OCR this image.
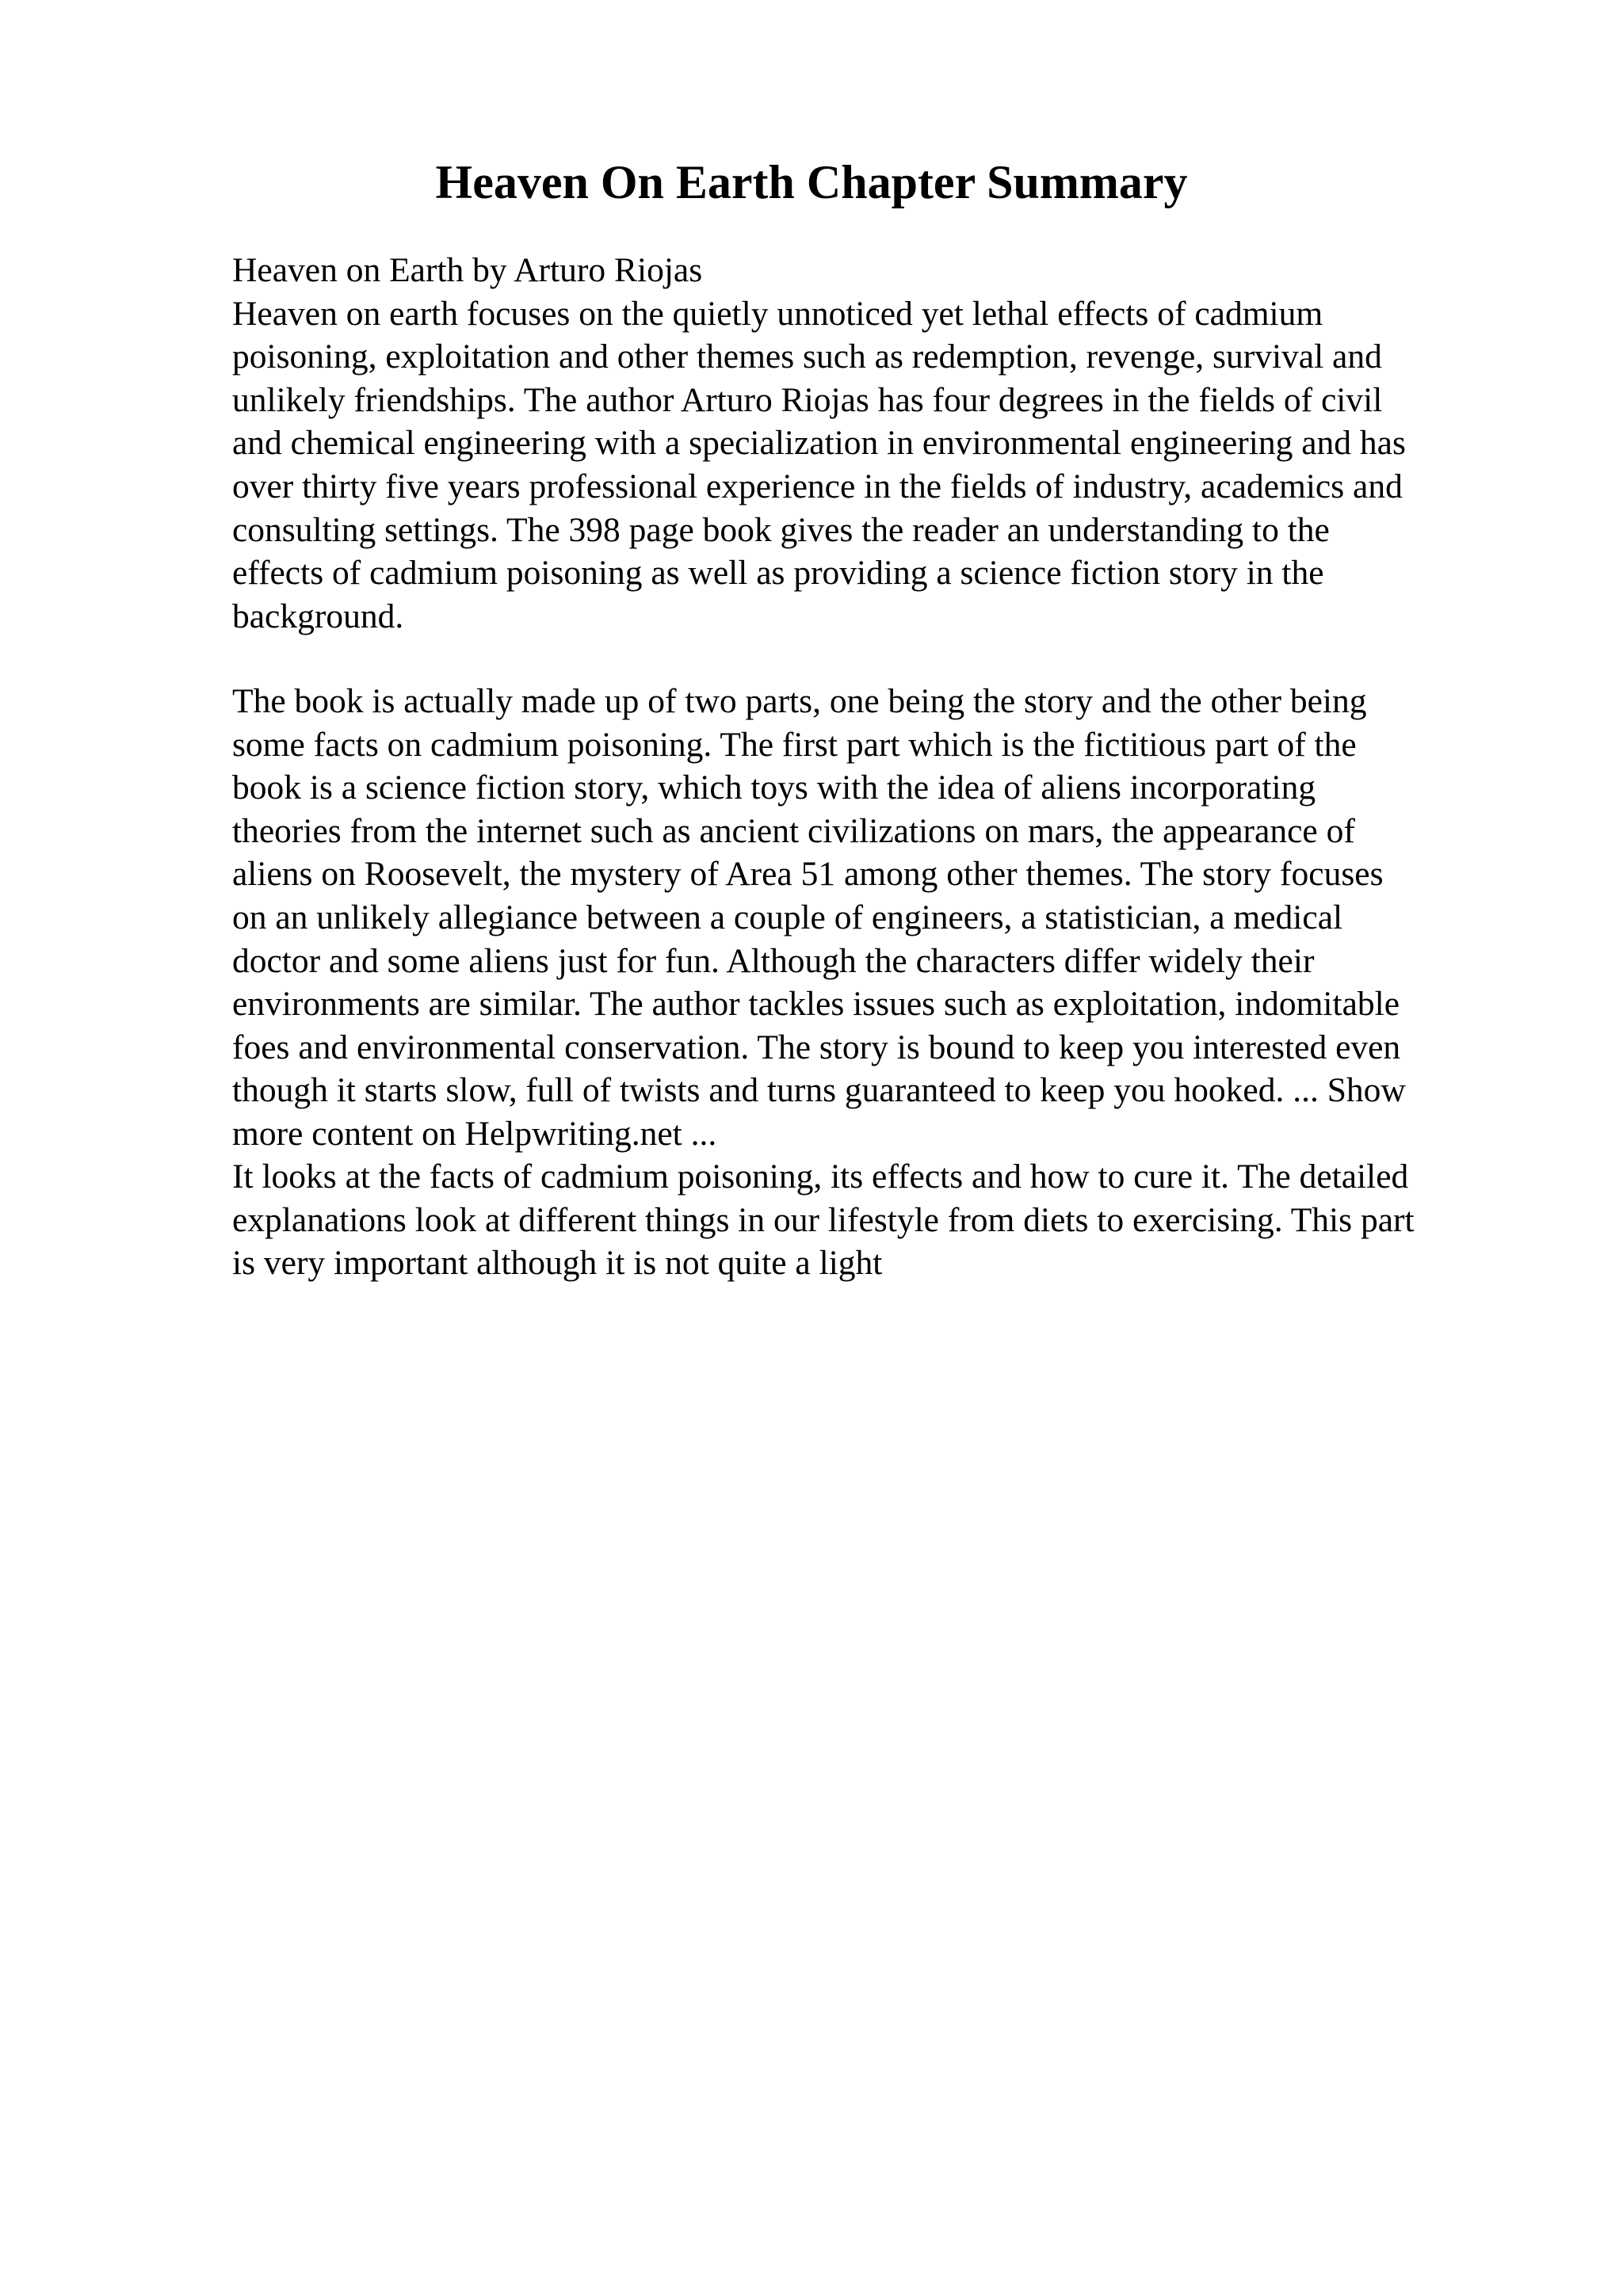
Heaven On Earth Chapter Summary

Heaven on Earth by Arturo Riojas
Heaven on earth focuses on the quietly unnoticed yet lethal effects of cadmium
poisoning, exploitation and other themes such as redemption, revenge, survival and
unlikely friendships. The author Arturo Riojas has four degrees in the fields of civil
and chemical engineering with a specialization in environmental engineering and has
over thirty five years professional experience in the fields of industry, academics and
consulting settings. The 398 page book gives the reader an understanding to the
effects of cadmium poisoning as well as providing a science fiction story in the
background.

The book is actually made up of two parts, one being the story and the other being
some facts on cadmium poisoning. The first part which is the fictitious part of the
book is a science fiction story, which toys with the idea of aliens incorporating
theories from the internet such as ancient civilizations on mars, the appearance of
aliens on Roosevelt, the mystery of Area 51 among other themes. The story focuses
on an unlikely allegiance between a couple of engineers, a statistician, a medical
doctor and some aliens just for fun. Although the characters differ widely their
environments are similar. The author tackles issues such as exploitation, indomitable
foes and environmental conservation. The story is bound to keep you interested even
though it starts slow, full of twists and turns guaranteed to keep you hooked. ... Show
more content on Helpwriting.net ...

It looks at the facts of cadmium poisoning, its effects and how to cure it. The detailed
explanations look at different things in our lifestyle from diets to exercising. This part
is very important although it is not quite a light
